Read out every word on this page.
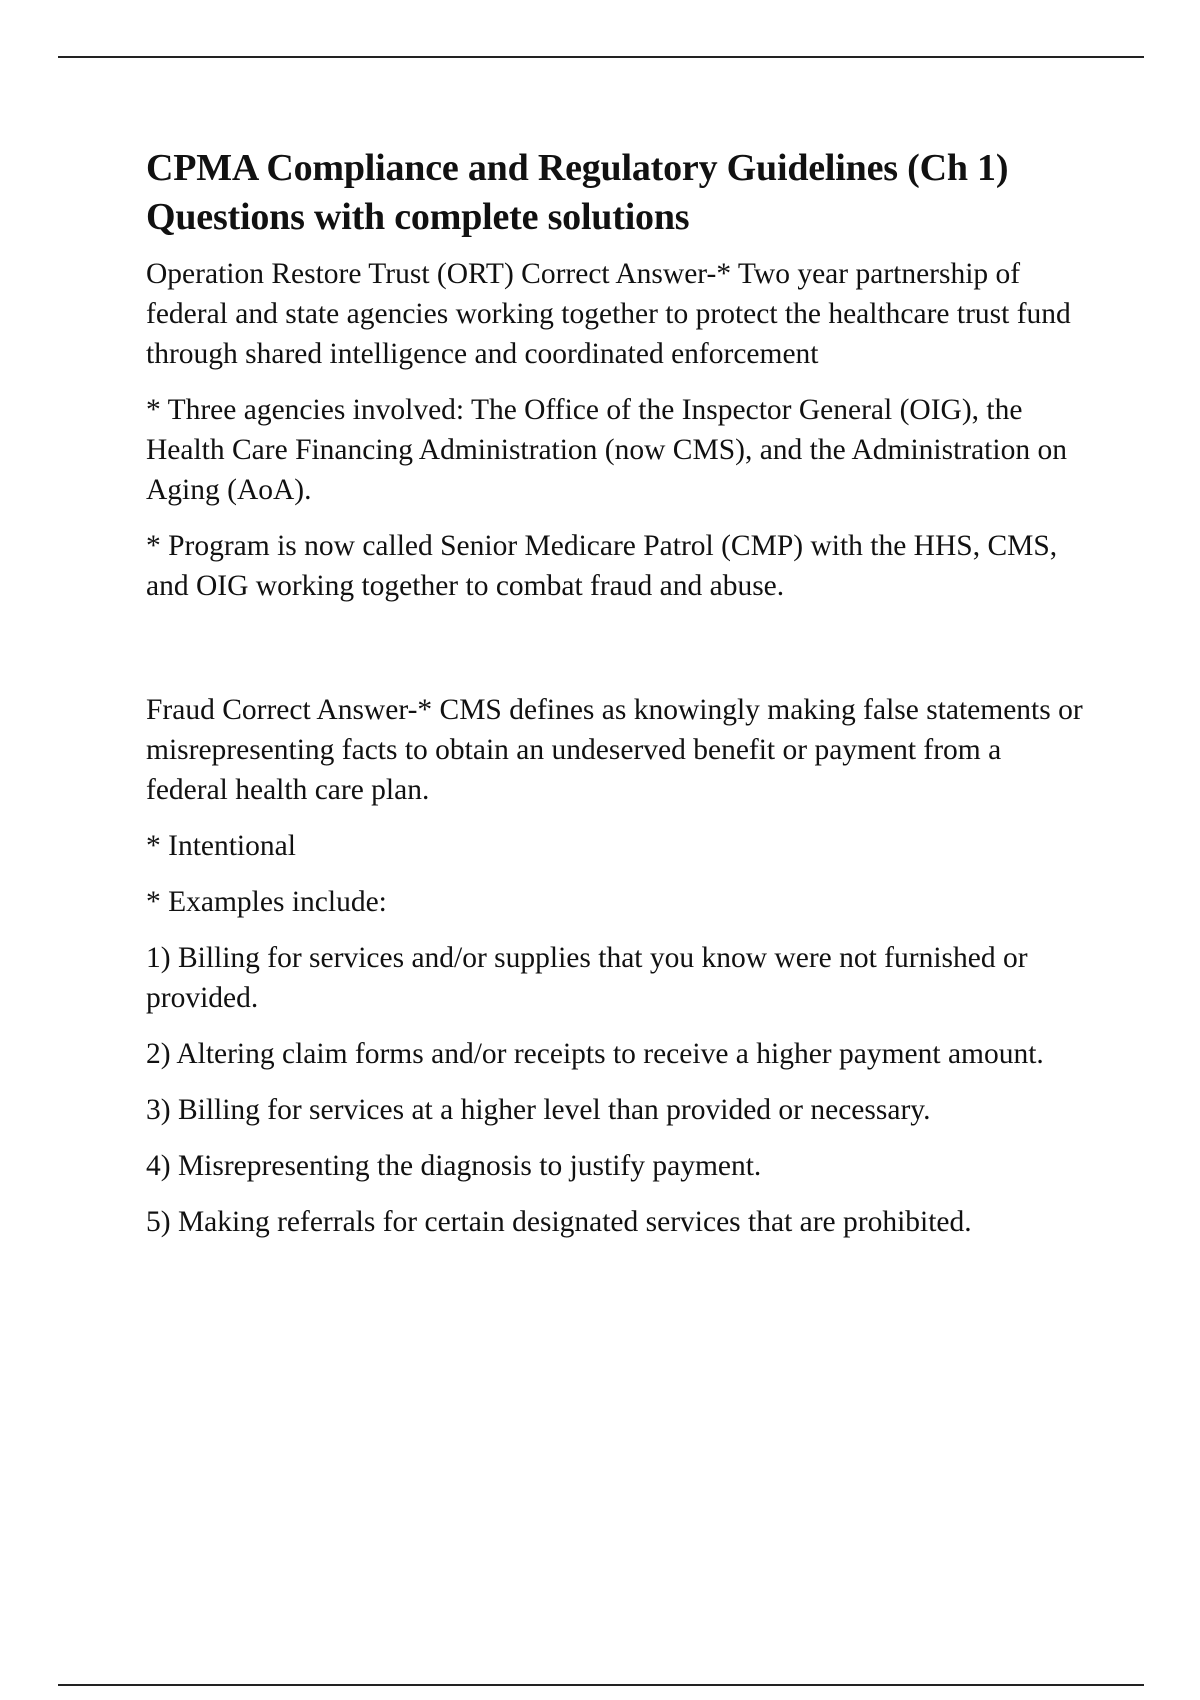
CPMA Compliance and Regulatory Guidelines (Ch 1) Questions with complete solutions

Operation Restore Trust (ORT) Correct Answer-* Two year partnership of federal and state agencies working together to protect the healthcare trust fund through shared intelligence and coordinated enforcement

* Three agencies involved: The Office of the Inspector General (OIG), the Health Care Financing Administration (now CMS), and the Administration on Aging (AoA).

* Program is now called Senior Medicare Patrol (CMP) with the HHS, CMS, and OIG working together to combat fraud and abuse.

Fraud Correct Answer-* CMS defines as knowingly making false statements or misrepresenting facts to obtain an undeserved benefit or payment from a federal health care plan.

* Intentional

* Examples include:

1) Billing for services and/or supplies that you know were not furnished or provided.

2) Altering claim forms and/or receipts to receive a higher payment amount.

3) Billing for services at a higher level than provided or necessary.

4) Misrepresenting the diagnosis to justify payment.

5) Making referrals for certain designated services that are prohibited.
